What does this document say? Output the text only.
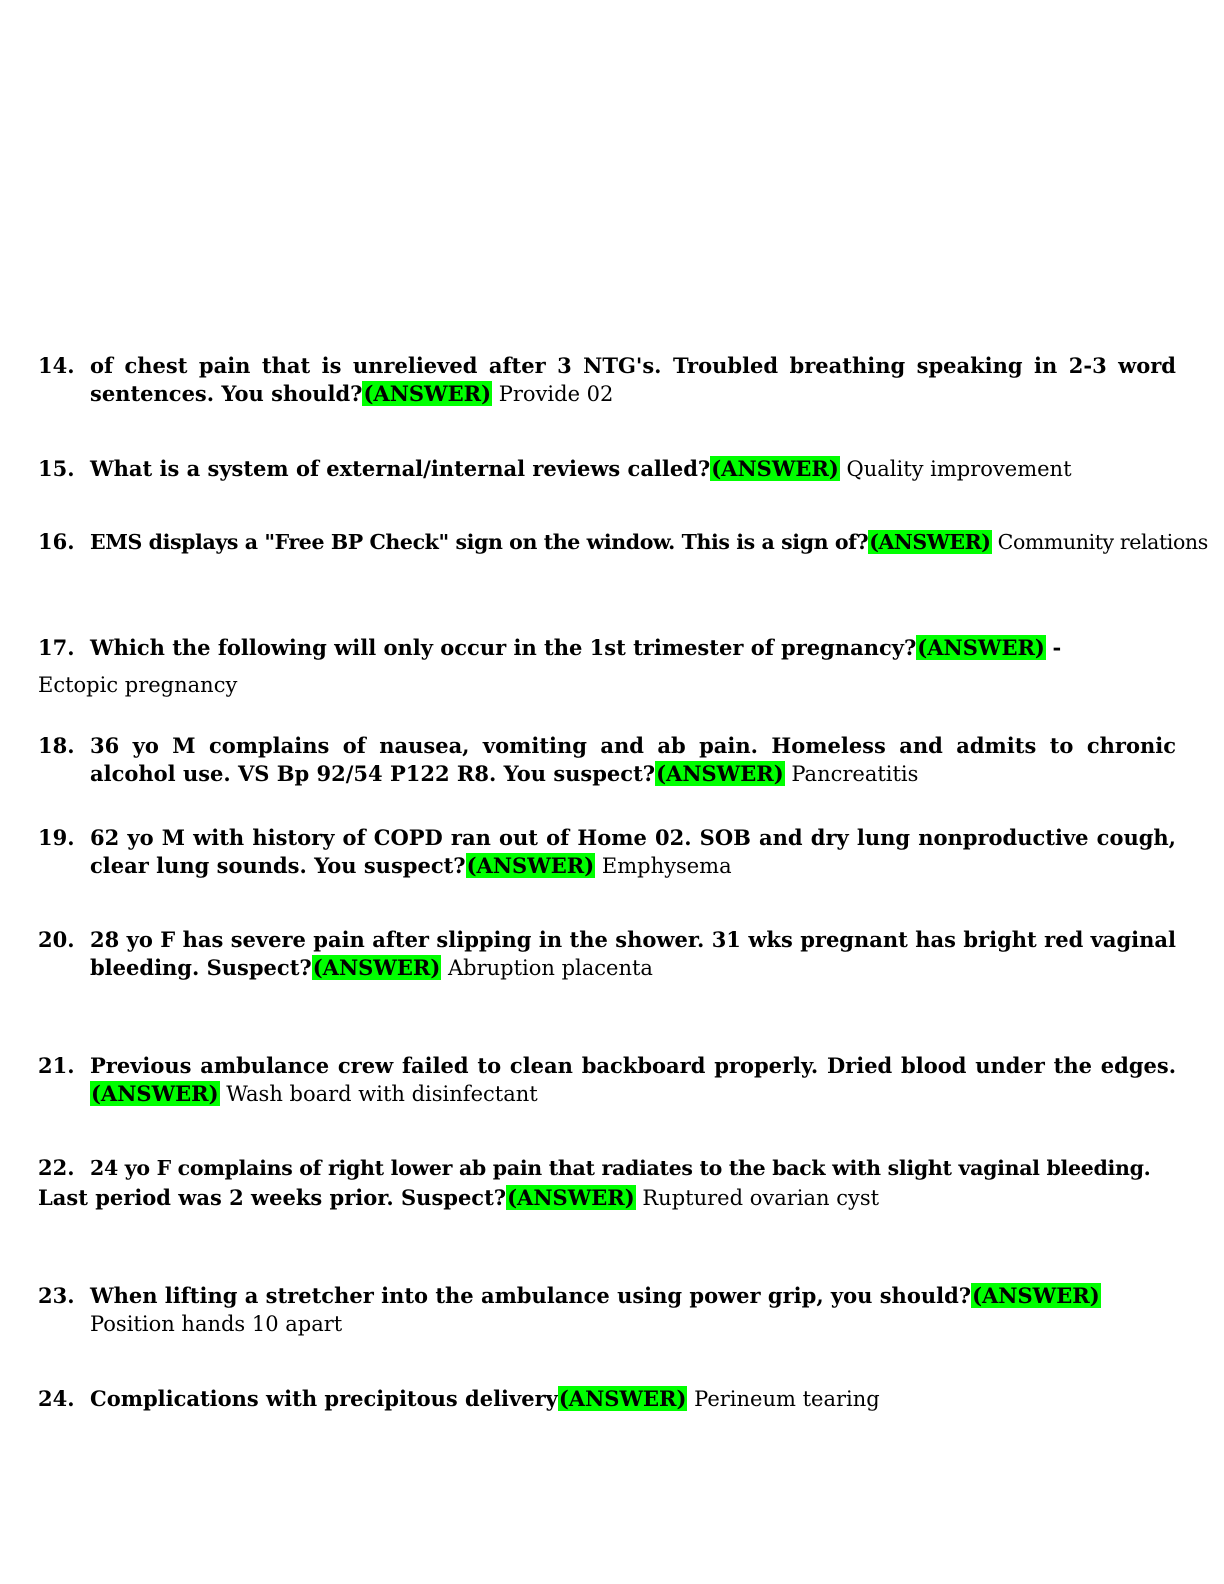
14. of chest pain that is unrelieved after 3 NTG's. Troubled breathing speaking in 2-3 word sentences. You should?(ANSWER) Provide 02
15. What is a system of external/internal reviews called?(ANSWER) Quality improvement
16. EMS displays a "Free BP Check" sign on the window. This is a sign of?(ANSWER) Community relations
17. Which the following will only occur in the 1st trimester of pregnancy?(ANSWER) -
Ectopic pregnancy
18. 36 yo M complains of nausea, vomiting and ab pain. Homeless and admits to chronic alcohol use. VS Bp 92/54 P122 R8. You suspect?(ANSWER) Pancreatitis
19. 62 yo M with history of COPD ran out of Home 02. SOB and dry lung nonproductive cough, clear lung sounds. You suspect?(ANSWER) Emphysema
20. 28 yo F has severe pain after slipping in the shower. 31 wks pregnant has bright red vaginal bleeding. Suspect?(ANSWER) Abruption placenta
21. Previous ambulance crew failed to clean backboard properly. Dried blood under the edges. (ANSWER) Wash board with disinfectant
22. 24 yo F complains of right lower ab pain that radiates to the back with slight vaginal bleeding.
Last period was 2 weeks prior. Suspect?(ANSWER) Ruptured ovarian cyst
23. When lifting a stretcher into the ambulance using power grip, you should?(ANSWER) Position hands 10 apart
24. Complications with precipitous delivery(ANSWER) Perineum tearing
